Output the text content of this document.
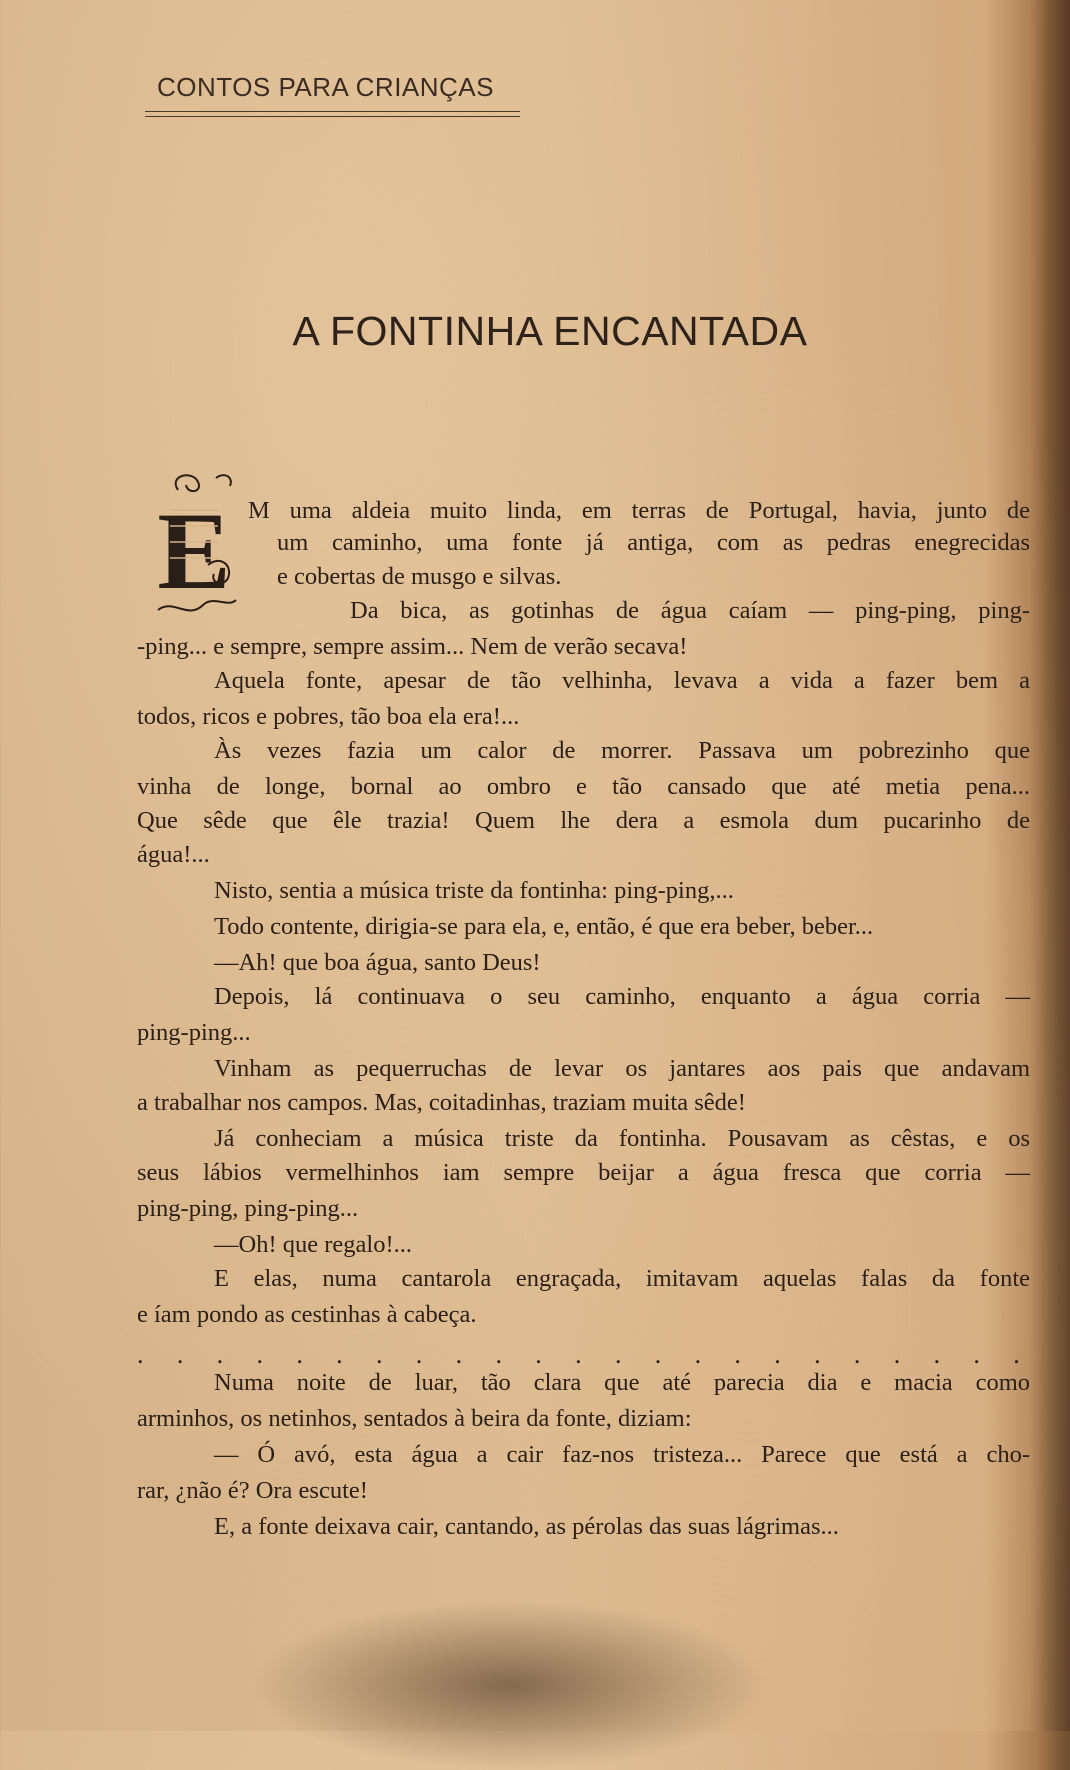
CONTOS PARA CRIANÇAS
A FONTINHA ENCANTADA
E M uma aldeia muito linda, em terras de Portugal, havia, junto de
um caminho, uma fonte já antiga, com as pedras enegrecidas
e cobertas de musgo e silvas.
Da bica, as gotinhas de água caíam — ping-ping, ping-
-ping... e sempre, sempre assim... Nem de verão secava!
Aquela fonte, apesar de tão velhinha, levava a vida a fazer bem a
todos, ricos e pobres, tão boa ela era!...
Às vezes fazia um calor de morrer. Passava um pobrezinho que
vinha de longe, bornal ao ombro e tão cansado que até metia pena...
Que sêde que êle trazia! Quem lhe dera a esmola dum pucarinho de
água!...
Nisto, sentia a música triste da fontinha: ping-ping,...
Todo contente, dirigia-se para ela, e, então, é que era beber, beber...
—Ah! que boa água, santo Deus!
Depois, lá continuava o seu caminho, enquanto a água corria —
ping-ping...
Vinham as pequerruchas de levar os jantares aos pais que andavam
a trabalhar nos campos. Mas, coitadinhas, traziam muita sêde!
Já conheciam a música triste da fontinha. Pousavam as cêstas, e os
seus lábios vermelhinhos iam sempre beijar a água fresca que corria —
ping-ping, ping-ping...
—Oh! que regalo!...
E elas, numa cantarola engraçada, imitavam aquelas falas da fonte
e íam pondo as cestinhas à cabeça.
. . . . . . . . . . . . . . . . . . . . . . .
Numa noite de luar, tão clara que até parecia dia e macia como
arminhos, os netinhos, sentados à beira da fonte, diziam:
— Ó avó, esta água a cair faz-nos tristeza... Parece que está a cho-
rar, ¿não é? Ora escute!
E, a fonte deixava cair, cantando, as pérolas das suas lágrimas...
